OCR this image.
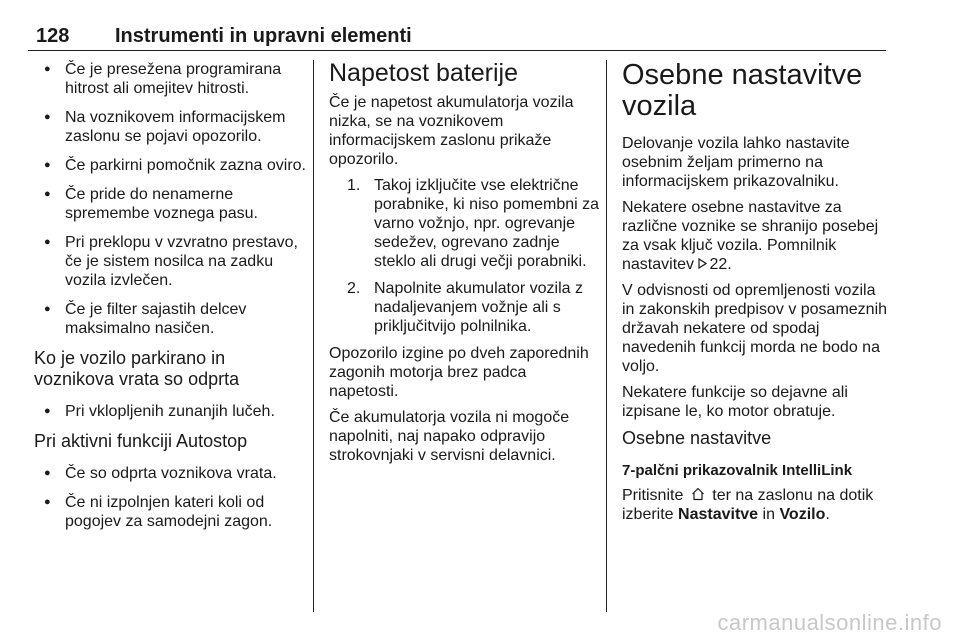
128 Instrumenti in upravni elementi
● Če je presežena programirana hitrost ali omejitev hitrosti.
● Na voznikovem informacijskem zaslonu se pojavi opozorilo.
● Če parkirni pomočnik zazna oviro.
● Če pride do nenamerne spremembe voznega pasu.
● Pri preklopu v vzvratno prestavo, če je sistem nosilca na zadku vozila izvlečen.
● Če je filter sajastih delcev maksimalno nasičen.
Ko je vozilo parkirano in voznikova vrata so odprta
● Pri vklopljenih zunanjih lučeh.
Pri aktivni funkciji Autostop
● Če so odprta voznikova vrata.
● Če ni izpolnjen kateri koli od pogojev za samodejni zagon.
Napetost baterije

Če je napetost akumulatorja vozila nizka, se na voznikovem informacijskem zaslonu prikaže opozorilo.

1. Takoj izključite vse električne porabnike, ki niso pomembni za varno vožnjo, npr. ogrevanje sedežev, ogrevano zadnje steklo ali drugi večji porabniki.
2. Napolnite akumulator vozila z nadaljevanjem vožnje ali s priključitvijo polnilnika.

Opozorilo izgine po dveh zaporednih zagonih motorja brez padca napetosti.

Če akumulatorja vozila ni mogoče napolniti, naj napako odpravijo strokovnjaki v servisni delavnici.

Osebne nastavitve vozila

Delovanje vozila lahko nastavite osebnim željam primerno na informacijskem prikazovalniku.

Nekatere osebne nastavitve za različne voznike se shranijo posebej za vsak ključ vozila. Pomnilnik nastavitev 22.

V odvisnosti od opremljenosti vozila in zakonskih predpisov v posameznih državah nekatere od spodaj navedenih funkcij morda ne bodo na voljo.

Nekatere funkcije so dejavne ali izpisane le, ko motor obratuje.

Osebne nastavitve
7-palčni prikazovalnik IntelliLink

Pritisnite ter na zaslonu na dotik izberite Nastavitve in Vozilo.

carmanualsonline.info
